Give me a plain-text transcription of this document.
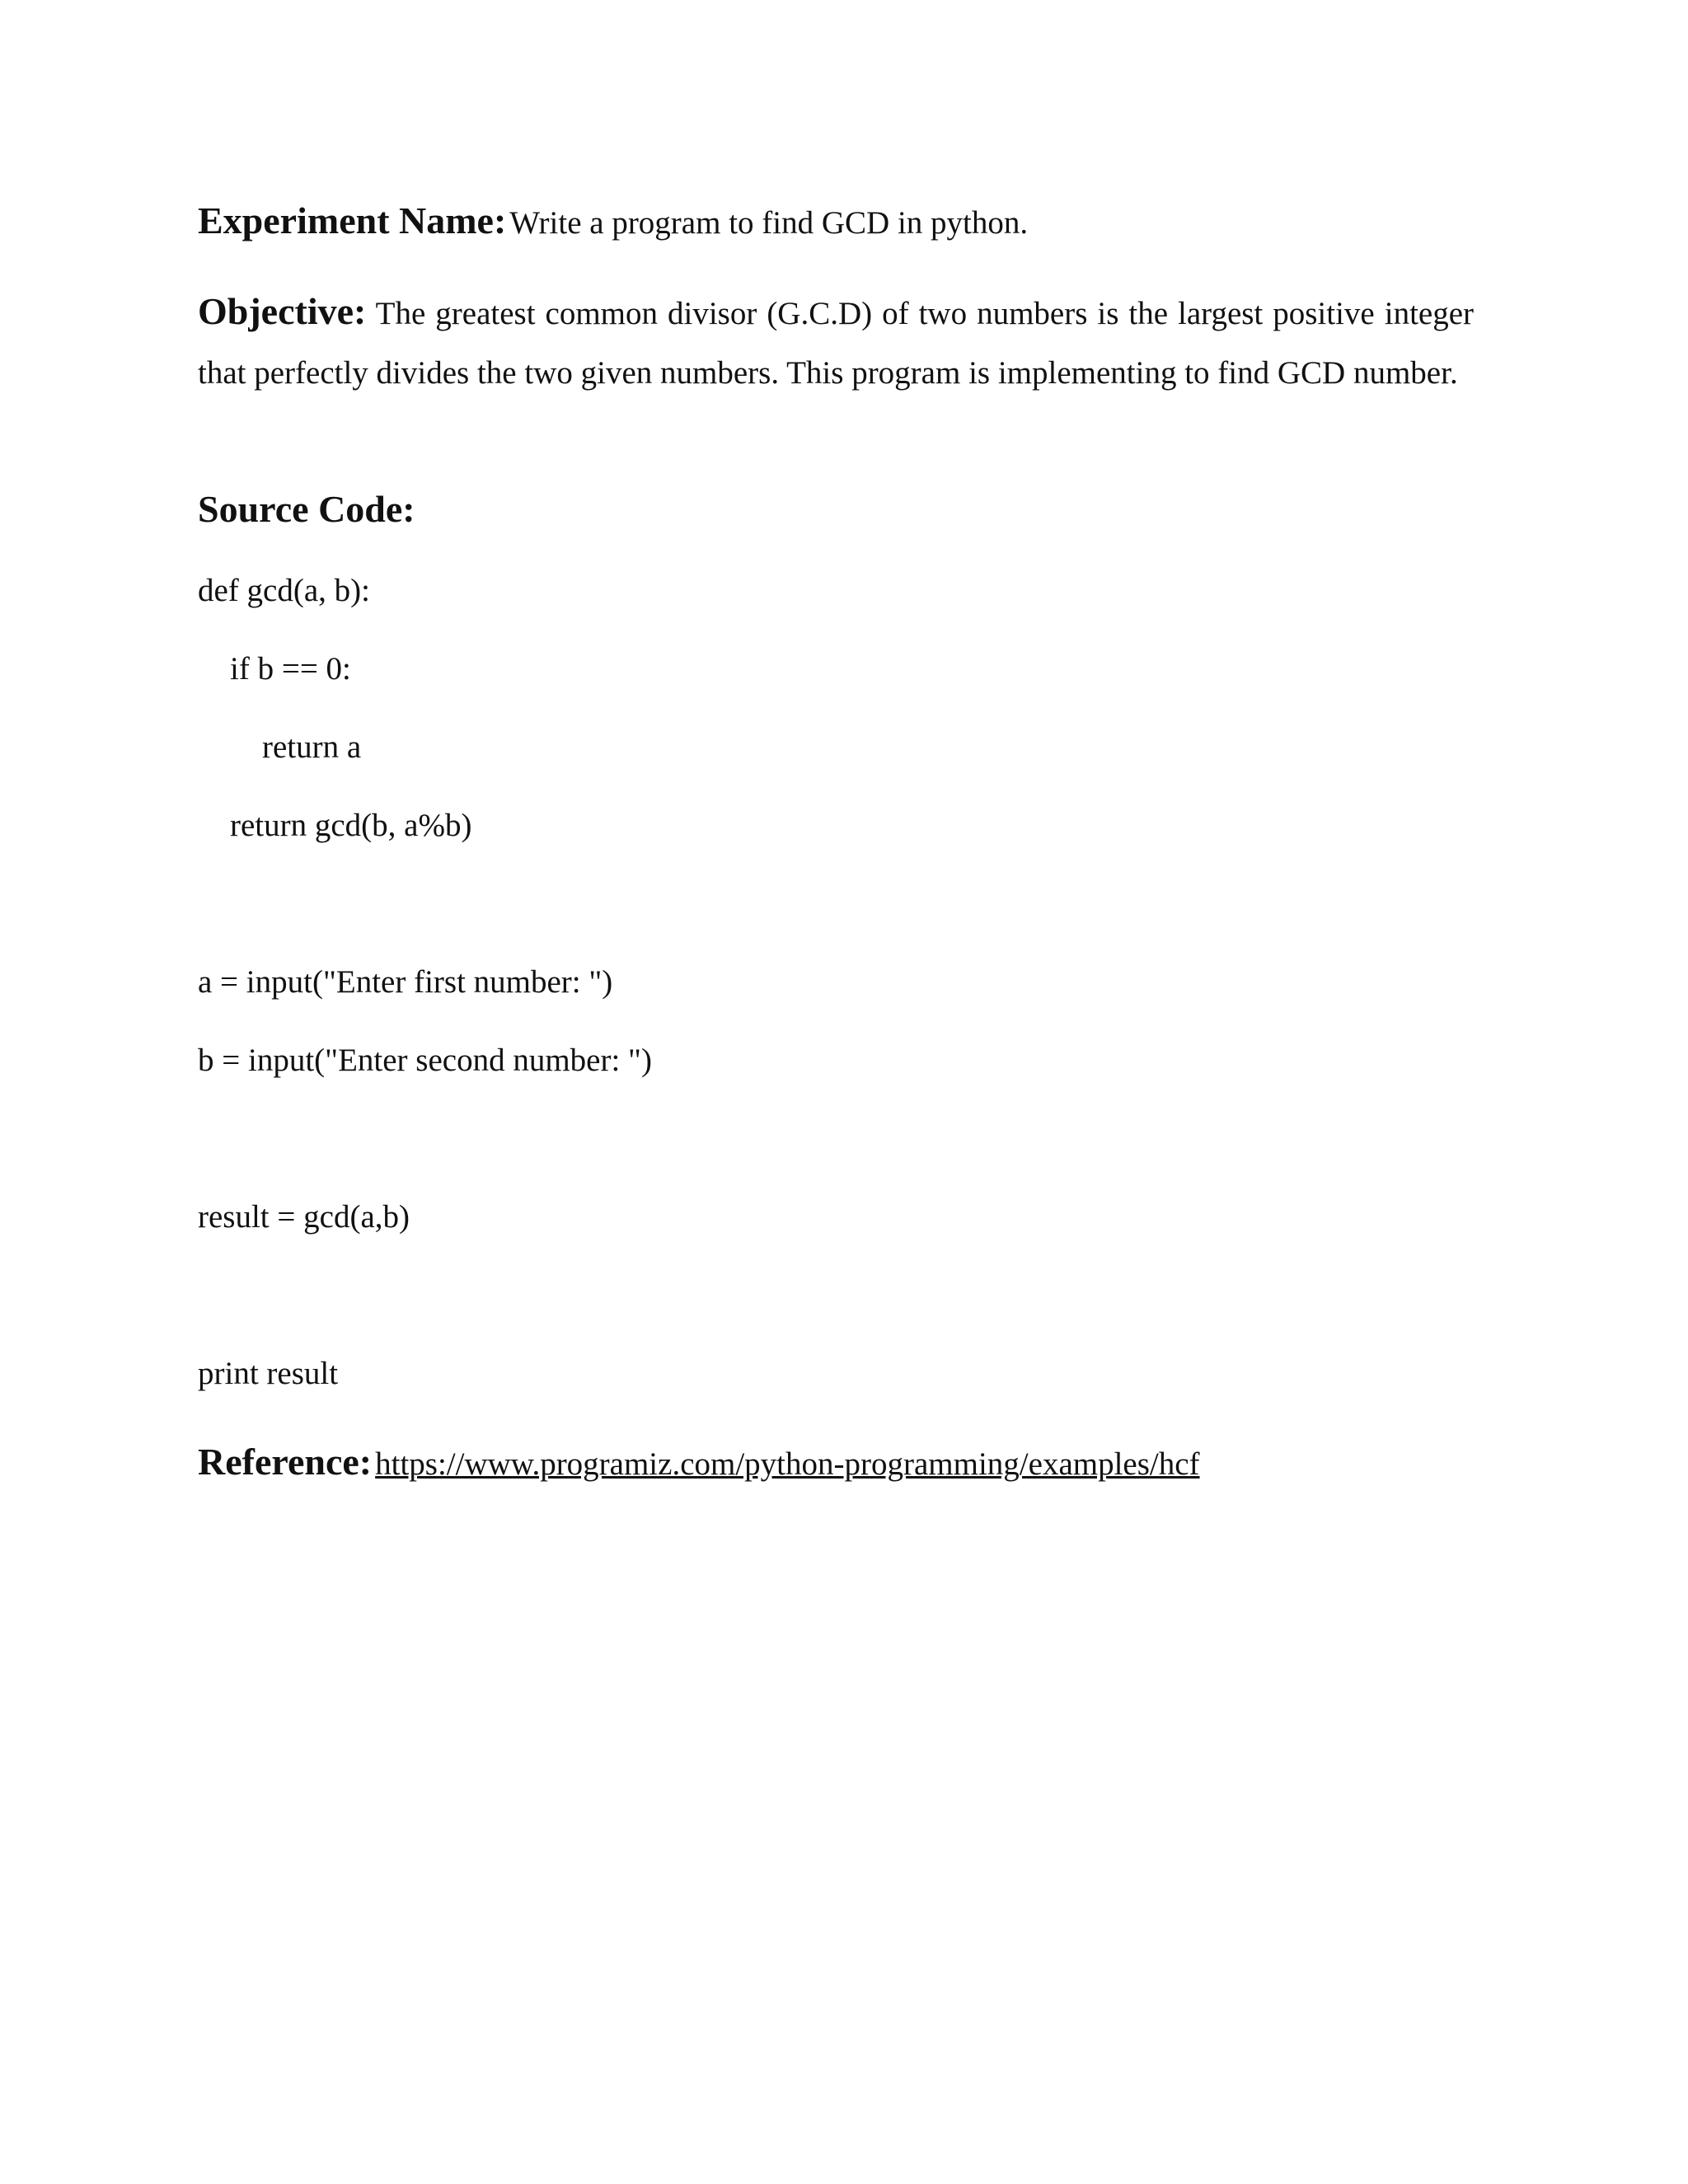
Experiment Name: Write a program to find GCD in python.
Objective: The greatest common divisor (G.C.D) of two numbers is the largest positive integer that perfectly divides the two given numbers. This program is implementing to find GCD number.
Source Code:
def gcd(a, b):
if b == 0:
return a
return gcd(b, a%b)
a = input("Enter first number: ")
b = input("Enter second number: ")
result = gcd(a,b)
print result
Reference: https://www.programiz.com/python-programming/examples/hcf
